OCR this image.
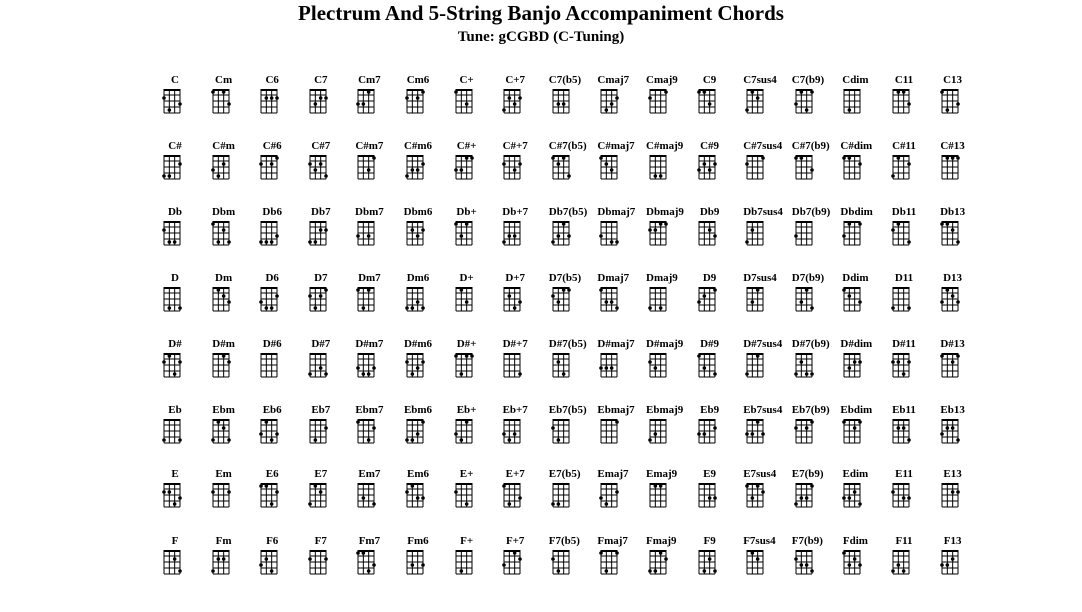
Plectrum And 5-String Banjo Accompaniment Chords
Tune: gCGBD (C-Tuning)
C	Cm	C6	C7	Cm7	Cm6	C+	C+7	C7(b5) Cmaj7 Cmaj9	C9	C7sus4 C7(b9) Cdim	C11	C13
C#	C#m	C#6	C#7	C#m7 C#m6	C#+	C#+7 C#7(b5) C#maj7 C#maj9	C#9	C#7sus4 C#7(b9) C#dim C#11 C#13
Db	Dbm	Db6	Db7	Dbm7 Dbm6	Db+	Db+7 Db7(b5) Dbmaj7 Dbmaj9	Db9	Db7sus4 Db7(b9) Dbdim Db11 Db13
D	Dm	D6	D7	Dm7	Dm6	D+	D+7	D7(b5) Dmaj7 Dmaj9	D9	D7sus4 D7(b9) Ddim	D11	D13
D#	D#m	D#6	D#7	D#m7 D#m6	D#+	D#+7 D#7(b5) D#maj7 D#maj9	D#9	D#7sus4 D#7(b9) D#dim D#11 D#13
Eb	Ebm	Eb6	Eb7	Ebm7 Ebm6	Eb+	Eb+7 Eb7(b5) Ebmaj7 Ebmaj9	Eb9	Eb7sus4 Eb7(b9) Ebdim Eb11 Eb13
E	Em	E6	E7	Em7	Em6	E+	E+7	E7(b5) Emaj7 Emaj9	E9	E7sus4 E7(b9) Edim	E11	E13
F	Fm	F6	F7	Fm7	Fm6	F+	F+7	F7(b5) Fmaj7 Fmaj9	F9	F7sus4 F7(b9) Fdim	F11	F13
